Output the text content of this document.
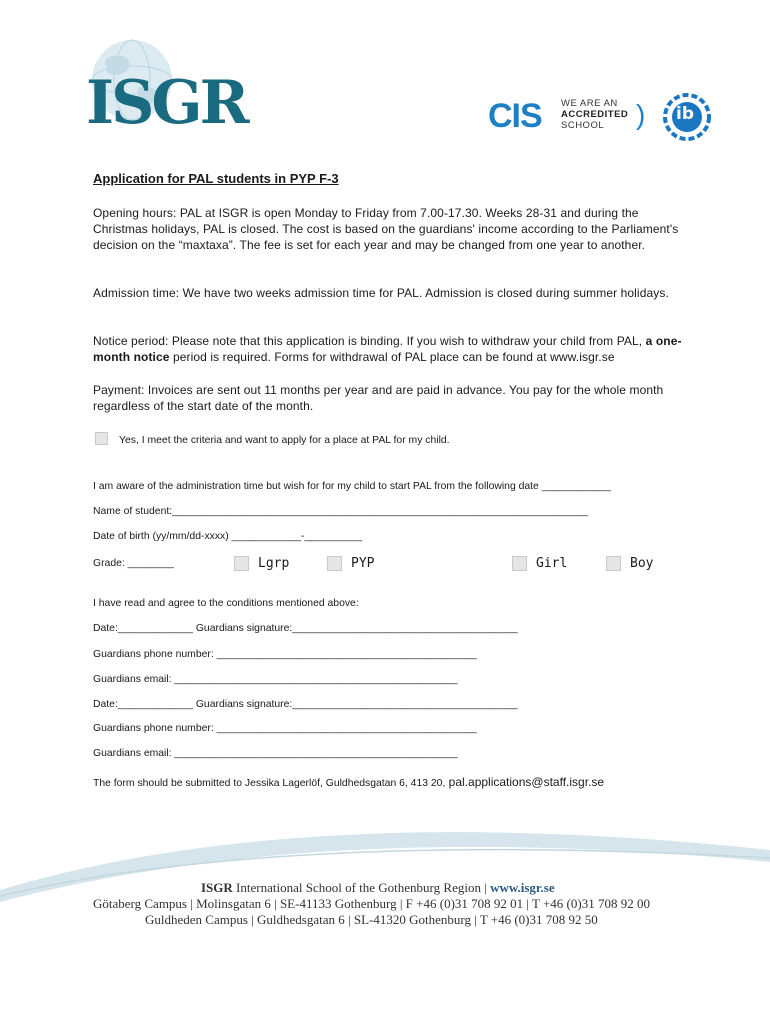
ISGR	CIS WE ARE AN
ACCREDITED
SCHOOL ) ib
Application for PAL students in PYP F-3
Opening hours: PAL at ISGR is open Monday to Friday from 7.00-17.30. Weeks 28-31 and during the Christmas holidays, PAL is closed. The cost is based on the guardians' income according to the Parliament's decision on the “maxtaxa”. The fee is set for each year and may be changed from one year to another.
Admission time: We have two weeks admission time for PAL. Admission is closed during summer holidays.
Notice period: Please note that this application is binding. If you wish to withdraw your child from PAL, a one-month notice period is required. Forms for withdrawal of PAL place can be found at www.isgr.se
Payment: Invoices are sent out 11 months per year and are paid in advance. You pay for the whole month regardless of the start date of the month.
Yes, I meet the criteria and want to apply for a place at PAL for my child.
I am aware of the administration time but wish for for my child to start PAL from the following date ____________
Name of student:________________________________________________________________________
Date of birth (yy/mm/dd-xxxx) ____________-__________
Grade: ________	Lgrp	PYP	Girl	Boy
I have read and agree to the conditions mentioned above:
Date:_____________ Guardians signature:_______________________________________
Guardians phone number: _____________________________________________
Guardians email: _________________________________________________
Date:_____________ Guardians signature:_______________________________________
Guardians phone number: _____________________________________________
Guardians email: _________________________________________________
The form should be submitted to Jessika Lagerlöf, Guldhedsgatan 6, 413 20, pal.applications@staff.isgr.se
ISGR International School of the Gothenburg Region | www.isgr.se
Götaberg Campus | Molinsgatan 6 | SE-41133 Gothenburg | F +46 (0)31 708 92 01 | T +46 (0)31 708 92 00
Guldheden Campus | Guldhedsgatan 6 | SL-41320 Gothenburg | T +46 (0)31 708 92 50
